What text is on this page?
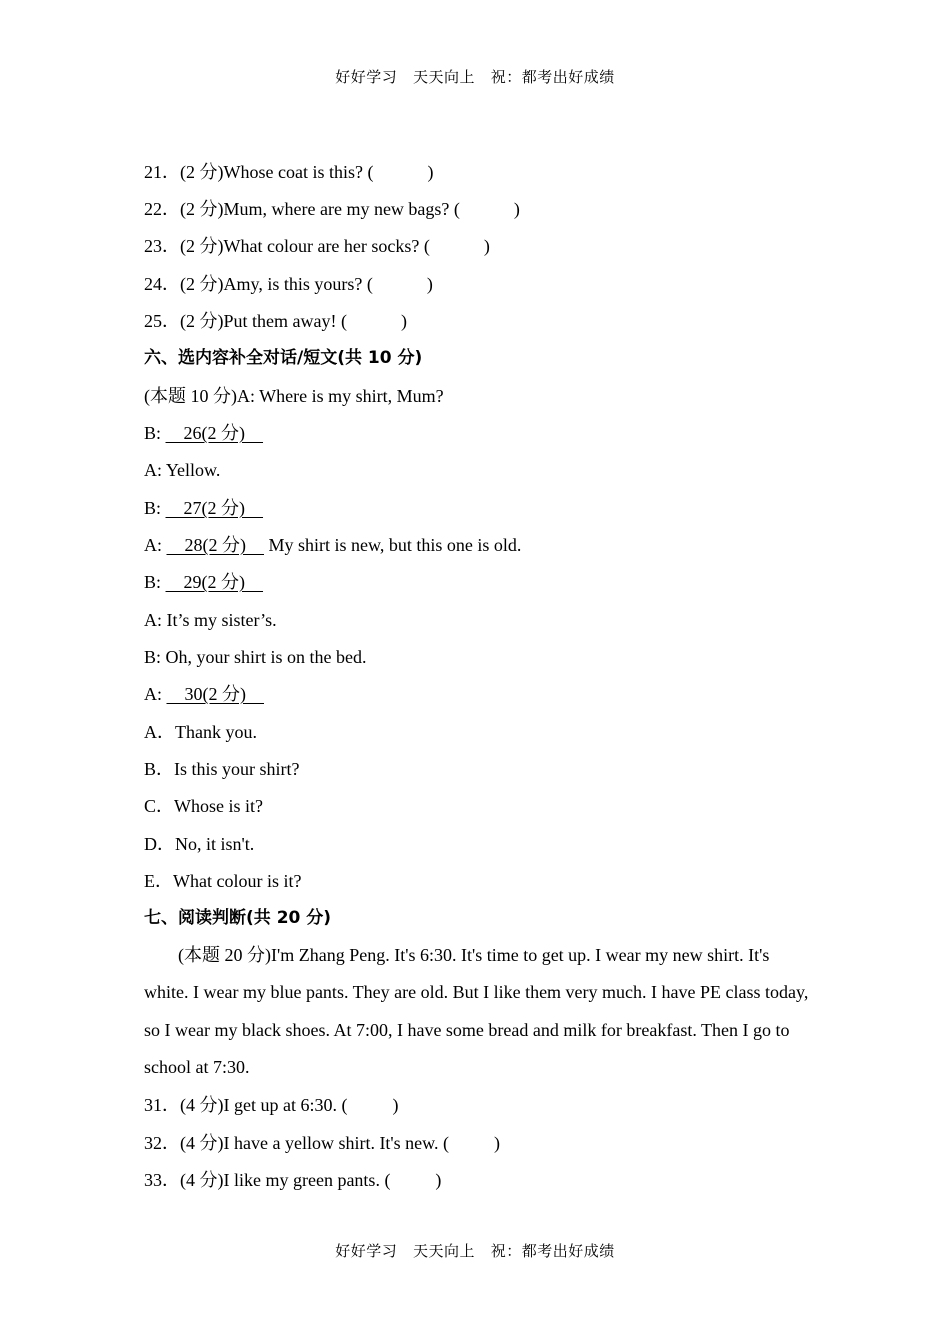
好好学习   天天向上   祝：都考出好成绩
21．(2 分)Whose coat is this? (            )
22．(2 分)Mum, where are my new bags? (            )
23．(2 分)What colour are her socks? (            )
24．(2 分)Amy, is this yours? (            )
25．(2 分)Put them away! (            )
六、选内容补全对话/短文(共 10 分)
(本题 10 分)A: Where is my shirt, Mum?
B:     26(2 分)
A: Yellow.
B:     27(2 分)
A:     28(2 分)     My shirt is new, but this one is old.
B:     29(2 分)
A: It’s my sister’s.
B: Oh, your shirt is on the bed.
A:     30(2 分)
A．Thank you.
B．Is this your shirt?
C．Whose is it?
D．No, it isn't.
E．What colour is it?
七、阅读判断(共 20 分)
(本题 20 分)I'm Zhang Peng. It's 6:30. It's time to get up. I wear my new shirt. It's white. I wear my blue pants. They are old. But I like them very much. I have PE class today, so I wear my black shoes. At 7:00, I have some bread and milk for breakfast. Then I go to school at 7:30.
31．(4 分)I get up at 6:30. (          )
32．(4 分)I have a yellow shirt. It's new. (          )
33．(4 分)I like my green pants. (          )
好好学习   天天向上   祝：都考出好成绩
